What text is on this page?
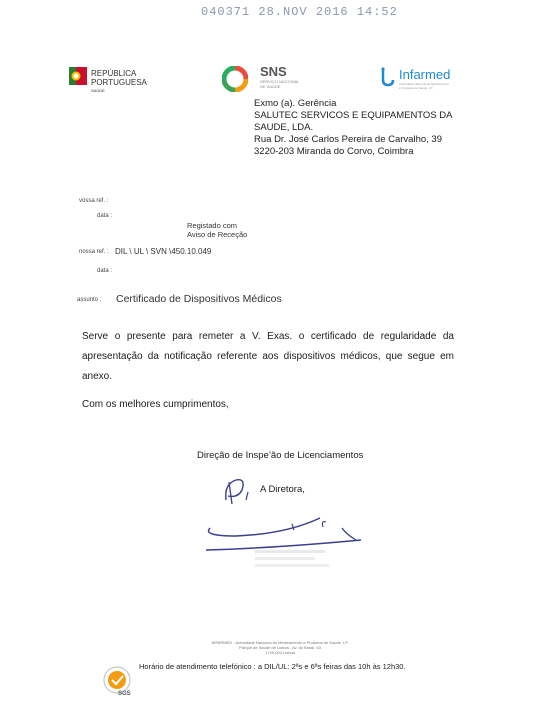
040371 28.NOV 2016 14:52
REPÚBLICA
PORTUGUESA
SAÚDE
SNS
SERVIÇO NACIONAL
DE SAÚDE
Infarmed
Autoridade Nacional do Medicamento
e Produtos de Saúde, I.P.
Exmo (a). Gerência
SALUTEC SERVICOS E EQUIPAMENTOS DA
SAUDE, LDA.
Rua Dr. José Carlos Pereira de Carvalho, 39
3220-203 Miranda do Corvo, Coimbra
vossa ref. :
data :
Registado com
Aviso de Receção
nossa ref. : DIL \ UL \ SVN \450.10.049
data :
assunto : Certificado de Dispositivos Médicos

Serve o presente para remeter a V. Exas. o certificado de regularidade da

apresentação da notificação referente aos dispositivos médicos, que segue em

anexo.

Com os melhores cumprimentos,
Direção de Inspe’ão de Licenciamentos
A Diretora,
INFARMED - Autoridade Nacional do Medicamento e Produtos de Saúde, I.P.
Parque de Saúde de Lisboa - Av. do Brasil, 53
1749-004 Lisboa
Horário de atendimento telefónico : a DIL/UL: 2ªs e 6ªs feiras das 10h às 12h30.
SGS
